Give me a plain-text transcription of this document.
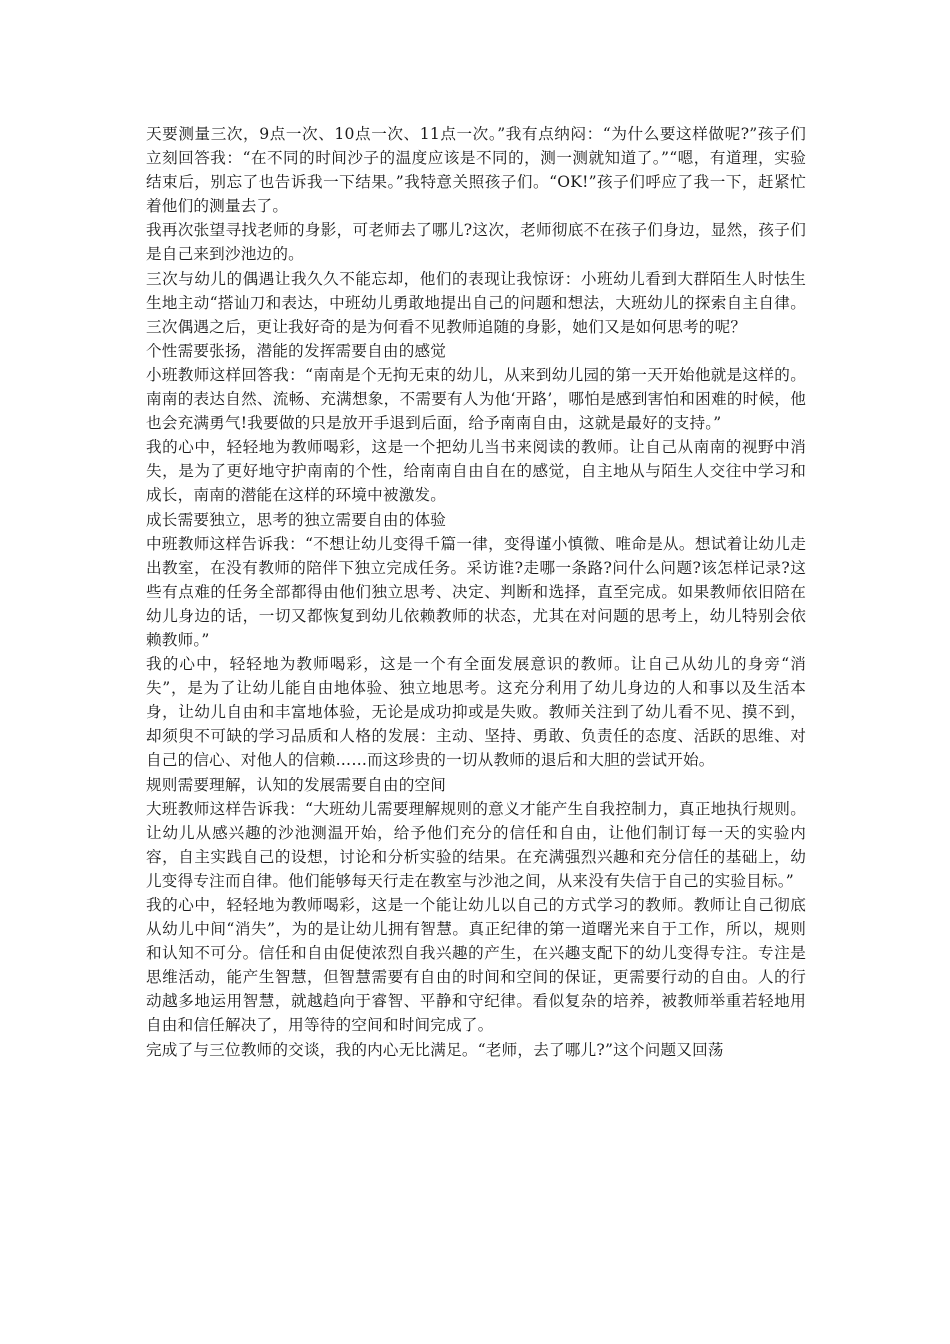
天要测量三次，9点一次、10点一次、11点一次。”我有点纳闷：“为什么要这样做呢?”孩子们立刻回答我：“在不同的时间沙子的温度应该是不同的，测一测就知道了。”“嗯，有道理，实验结束后，别忘了也告诉我一下结果。”我特意关照孩子们。“OK!”孩子们呼应了我一下，赶紧忙着他们的测量去了。

我再次张望寻找老师的身影，可老师去了哪儿?这次，老师彻底不在孩子们身边，显然，孩子们是自己来到沙池边的。

三次与幼儿的偶遇让我久久不能忘却，他们的表现让我惊讶：小班幼儿看到大群陌生人时怯生生地主动“搭讪刀和表达，中班幼儿勇敢地提出自己的问题和想法，大班幼儿的探索自主自律。三次偶遇之后，更让我好奇的是为何看不见教师追随的身影，她们又是如何思考的呢？

个性需要张扬，潜能的发挥需要自由的感觉

小班教师这样回答我：“南南是个无拘无束的幼儿，从来到幼儿园的第一天开始他就是这样的。南南的表达自然、流畅、充满想象，不需要有人为他‘开路’，哪怕是感到害怕和困难的时候，他也会充满勇气!我要做的只是放开手退到后面，给予南南自由，这就是最好的支持。”

我的心中，轻轻地为教师喝彩，这是一个把幼儿当书来阅读的教师。让自己从南南的视野中消失，是为了更好地守护南南的个性，给南南自由自在的感觉，自主地从与陌生人交往中学习和成长，南南的潜能在这样的环境中被激发。

成长需要独立，思考的独立需要自由的体验

中班教师这样告诉我：“不想让幼儿变得千篇一律，变得谨小慎微、唯命是从。想试着让幼儿走出教室，在没有教师的陪伴下独立完成任务。采访谁?走哪一条路?问什么问题?该怎样记录?这些有点难的任务全部都得由他们独立思考、决定、判断和选择，直至完成。如果教师依旧陪在幼儿身边的话，一切又都恢复到幼儿依赖教师的状态，尤其在对问题的思考上，幼儿特别会依赖教师。”

我的心中，轻轻地为教师喝彩，这是一个有全面发展意识的教师。让自己从幼儿的身旁“消失”，是为了让幼儿能自由地体验、独立地思考。这充分利用了幼儿身边的人和事以及生活本身，让幼儿自由和丰富地体验，无论是成功抑或是失败。教师关注到了幼儿看不见、摸不到，却须臾不可缺的学习品质和人格的发展：主动、坚持、勇敢、负责任的态度、活跃的思维、对自己的信心、对他人的信赖……而这珍贵的一切从教师的退后和大胆的尝试开始。

规则需要理解，认知的发展需要自由的空间

大班教师这样告诉我：“大班幼儿需要理解规则的意义才能产生自我控制力，真正地执行规则。让幼儿从感兴趣的沙池测温开始，给予他们充分的信任和自由，让他们制订每一天的实验内容，自主实践自己的设想，讨论和分析实验的结果。在充满强烈兴趣和充分信任的基础上，幼儿变得专注而自律。他们能够每天行走在教室与沙池之间，从来没有失信于自己的实验目标。”

我的心中，轻轻地为教师喝彩，这是一个能让幼儿以自己的方式学习的教师。教师让自己彻底从幼儿中间“消失”，为的是让幼儿拥有智慧。真正纪律的第一道曙光来自于工作，所以，规则和认知不可分。信任和自由促使浓烈自我兴趣的产生，在兴趣支配下的幼儿变得专注。专注是思维活动，能产生智慧，但智慧需要有自由的时间和空间的保证，更需要行动的自由。人的行动越多地运用智慧，就越趋向于睿智、平静和守纪律。看似复杂的培养，被教师举重若轻地用自由和信任解决了，用等待的空间和时间完成了。

完成了与三位教师的交谈，我的内心无比满足。“老师，去了哪儿?”这个问题又回荡
